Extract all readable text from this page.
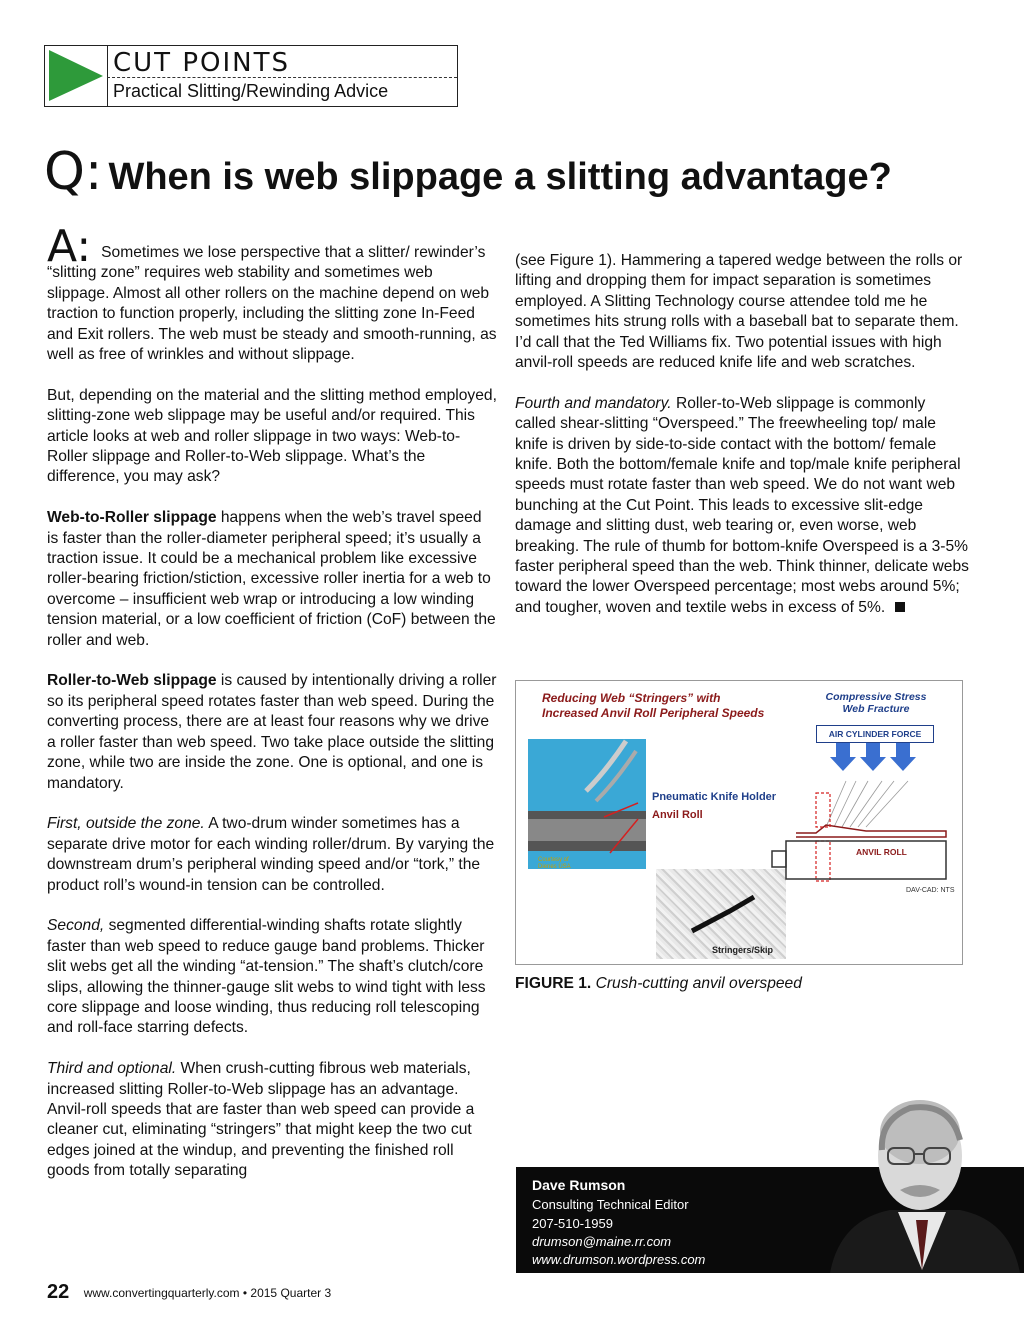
CUT POINTS
Practical Slitting/Rewinding Advice
Q: When is web slippage a slitting advantage?

A: Sometimes we lose perspective that a slitter/ rewinder’s “slitting zone” requires web stability and sometimes web slippage. Almost all other rollers on the machine depend on web traction to function properly, including the slitting zone In-Feed and Exit rollers. The web must be steady and smooth-running, as well as free of wrinkles and without slippage.

But, depending on the material and the slitting method employed, slitting-zone web slippage may be useful and/or required. This article looks at web and roller slippage in two ways: Web-to-Roller slippage and Roller-to-Web slippage. What’s the difference, you may ask?

Web-to-Roller slippage happens when the web’s travel speed is faster than the roller-diameter peripheral speed; it’s usually a traction issue. It could be a mechanical problem like excessive roller-bearing friction/stiction, excessive roller inertia for a web to overcome – insufficient web wrap or introducing a low winding tension material, or a low coefficient of friction (CoF) between the roller and web.

Roller-to-Web slippage is caused by intentionally driving a roller so its peripheral speed rotates faster than web speed. During the converting process, there are at least four reasons why we drive a roller faster than web speed. Two take place outside the slitting zone, while two are inside the zone. One is optional, and one is mandatory.

First, outside the zone. A two-drum winder sometimes has a separate drive motor for each winding roller/drum. By varying the downstream drum’s peripheral winding speed and/or “tork,” the product roll’s wound-in tension can be controlled.

Second, segmented differential-winding shafts rotate slightly faster than web speed to reduce gauge band problems. Thicker slit webs get all the winding “at-tension.” The shaft’s clutch/core slips, allowing the thinner-gauge slit webs to wind tight with less core slippage and loose winding, thus reducing roll telescoping and roll-face starring defects.

Third and optional. When crush-cutting fibrous web materials, increased slitting Roller-to-Web slippage has an advantage. Anvil-roll speeds that are faster than web speed can provide a cleaner cut, eliminating “stringers” that might keep the two cut edges joined at the windup, and preventing the finished roll goods from totally separating

(see Figure 1). Hammering a tapered wedge between the rolls or lifting and dropping them for impact separation is sometimes employed. A Slitting Technology course attendee told me he sometimes hits strung rolls with a baseball bat to separate them. I’d call that the Ted Williams fix. Two potential issues with high anvil-roll speeds are reduced knife life and web scratches.

Fourth and mandatory. Roller-to-Web slippage is commonly called shear-slitting “Overspeed.” The freewheeling top/ male knife is driven by side-to-side contact with the bottom/ female knife. Both the bottom/female knife and top/male knife peripheral speeds must rotate faster than web speed. We do not want web bunching at the Cut Point. This leads to excessive slit-edge damage and slitting dust, web tearing or, even worse, web breaking. The rule of thumb for bottom-knife Overspeed is a 3-5% faster peripheral speed than the web. Think thinner, delicate webs toward the lower Overspeed percentage; most webs around 5%; and tougher, woven and textile webs in excess of 5%.

Reducing Web “Stringers” with
Increased Anvil Roll Peripheral Speeds
Compressive Stress
Web Fracture
AIR CYLINDER FORCE
Pneumatic Knife Holder
Anvil Roll
ANVIL ROLL
DAV-CAD: NTS
Courtesy of Dienes USA
Stringers/Skip
FIGURE 1. Crush-cutting anvil overspeed
Dave Rumson
Consulting Technical Editor
207-510-1959
drumson@maine.rr.com
www.drumson.wordpress.com
22 www.convertingquarterly.com • 2015 Quarter 3
